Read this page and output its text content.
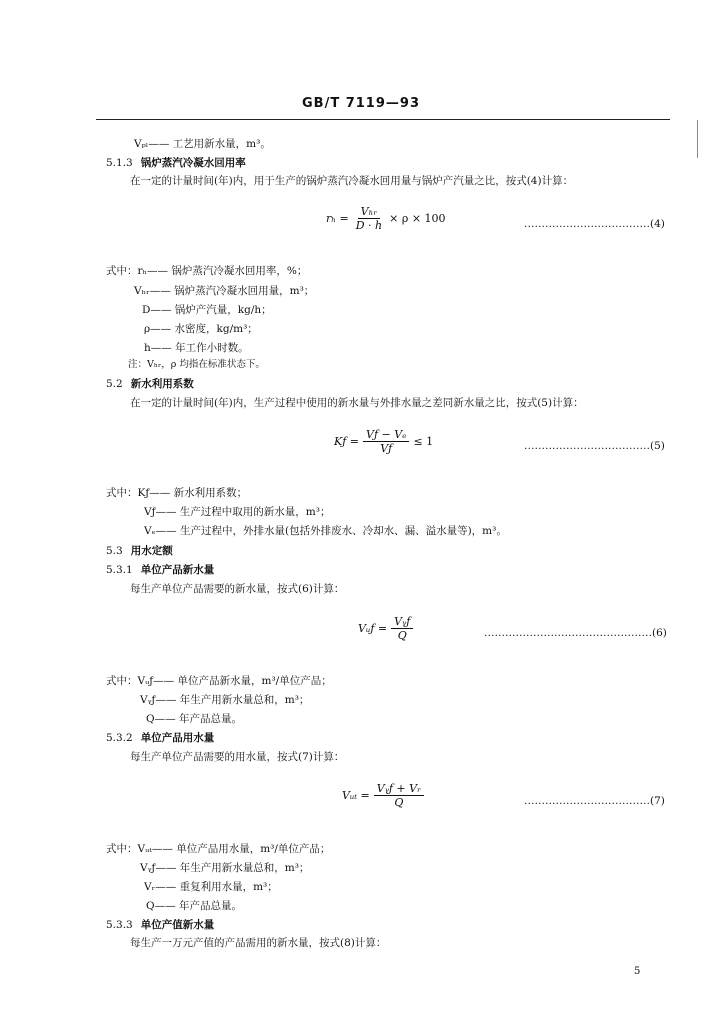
GB/T 7119—93
Vₚₗ—— 工艺用新水量，m³。
5.1.3 锅炉蒸汽冷凝水回用率
在一定的计量时间(年)内，用于生产的锅炉蒸汽冷凝水回用量与锅炉产汽量之比，按式(4)计算：
$r_h = \frac{\text{Vₕᵣ}}{D \cdot h} \times \rho \times 100$	………………………………(4)
式中：rₕ—— 锅炉蒸汽冷凝水回用率，%；
Vₕᵣ—— 锅炉蒸汽冷凝水回用量，m³；
D—— 锅炉产汽量，kg/h；
ρ—— 水密度，kg/m³；
h—— 年工作小时数。
注：Vₕᵣ，ρ 均指在标准状态下。
5.2 新水利用系数
在一定的计量时间(年)内，生产过程中使用的新水量与外排水量之差同新水量之比，按式(5)计算：
Kƒ = $\frac{\text{Vƒ − Vₑ}}{Vƒ} \le 1$	………………………………(5)
式中：Kƒ—— 新水利用系数；
Vƒ—— 生产过程中取用的新水量，m³；
Vₑ—— 生产过程中，外排水量(包括外排废水、冷却水、漏、溢水量等)，m³。
5.3 用水定额
5.3.1 单位产品新水量
每生产单位产品需要的新水量，按式(6)计算：
Vᵤƒ = $\frac{\text{Vᵧƒ}}{Q}$	…………………………………………(6)
式中：Vᵤƒ—— 单位产品新水量，m³/单位产品；
Vᵧƒ—— 年生产用新水量总和，m³；
Q—— 年产品总量。
5.3.2 单位产品用水量
每生产单位产品需要的用水量，按式(7)计算：
Vᵤₜ = $\frac{\text{Vᵧƒ + Vᵣ}}{Q}$	………………………………(7)
式中：Vᵤₜ—— 单位产品用水量，m³/单位产品；
Vᵧƒ—— 年生产用新水量总和，m³；
Vᵣ—— 重复利用水量，m³；
Q—— 年产品总量。
5.3.3 单位产值新水量
每生产一万元产值的产品需用的新水量，按式(8)计算：
5
